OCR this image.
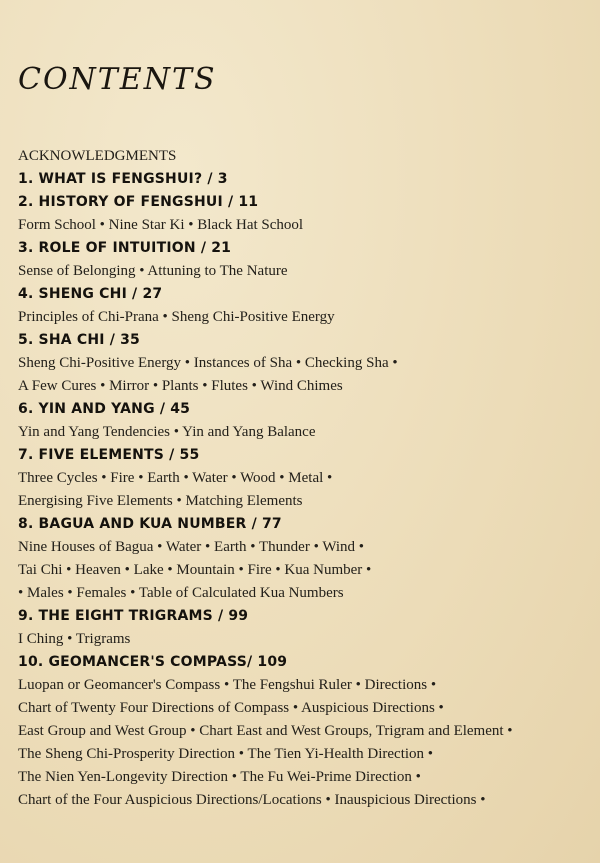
CONTENTS
ACKNOWLEDGMENTS
1. WHAT IS FENGSHUI? / 3
2. HISTORY OF FENGSHUI / 11
Form School • Nine Star Ki • Black Hat School
3. ROLE OF INTUITION / 21
Sense of Belonging • Attuning to The Nature
4. SHENG CHI / 27
Principles of Chi-Prana • Sheng Chi-Positive Energy
5. SHA CHI / 35
Sheng Chi-Positive Energy • Instances of Sha • Checking Sha •
A Few Cures • Mirror • Plants • Flutes • Wind Chimes
6. YIN AND YANG / 45
Yin and Yang Tendencies • Yin and Yang Balance
7. FIVE ELEMENTS / 55
Three Cycles • Fire • Earth • Water • Wood • Metal •
Energising Five Elements • Matching Elements
8. BAGUA AND KUA NUMBER / 77
Nine Houses of Bagua • Water • Earth • Thunder • Wind •
Tai Chi • Heaven • Lake • Mountain • Fire • Kua Number •
• Males • Females • Table of Calculated Kua Numbers
9. THE EIGHT TRIGRAMS / 99
I Ching • Trigrams
10. GEOMANCER'S COMPASS/ 109
Luopan or Geomancer's Compass • The Fengshui Ruler • Directions •
Chart of Twenty Four Directions of Compass • Auspicious Directions •
East Group and West Group • Chart East and West Groups, Trigram and Element •
The Sheng Chi-Prosperity Direction • The Tien Yi-Health Direction •
The Nien Yen-Longevity Direction • The Fu Wei-Prime Direction •
Chart of the Four Auspicious Directions/Locations • Inauspicious Directions •
